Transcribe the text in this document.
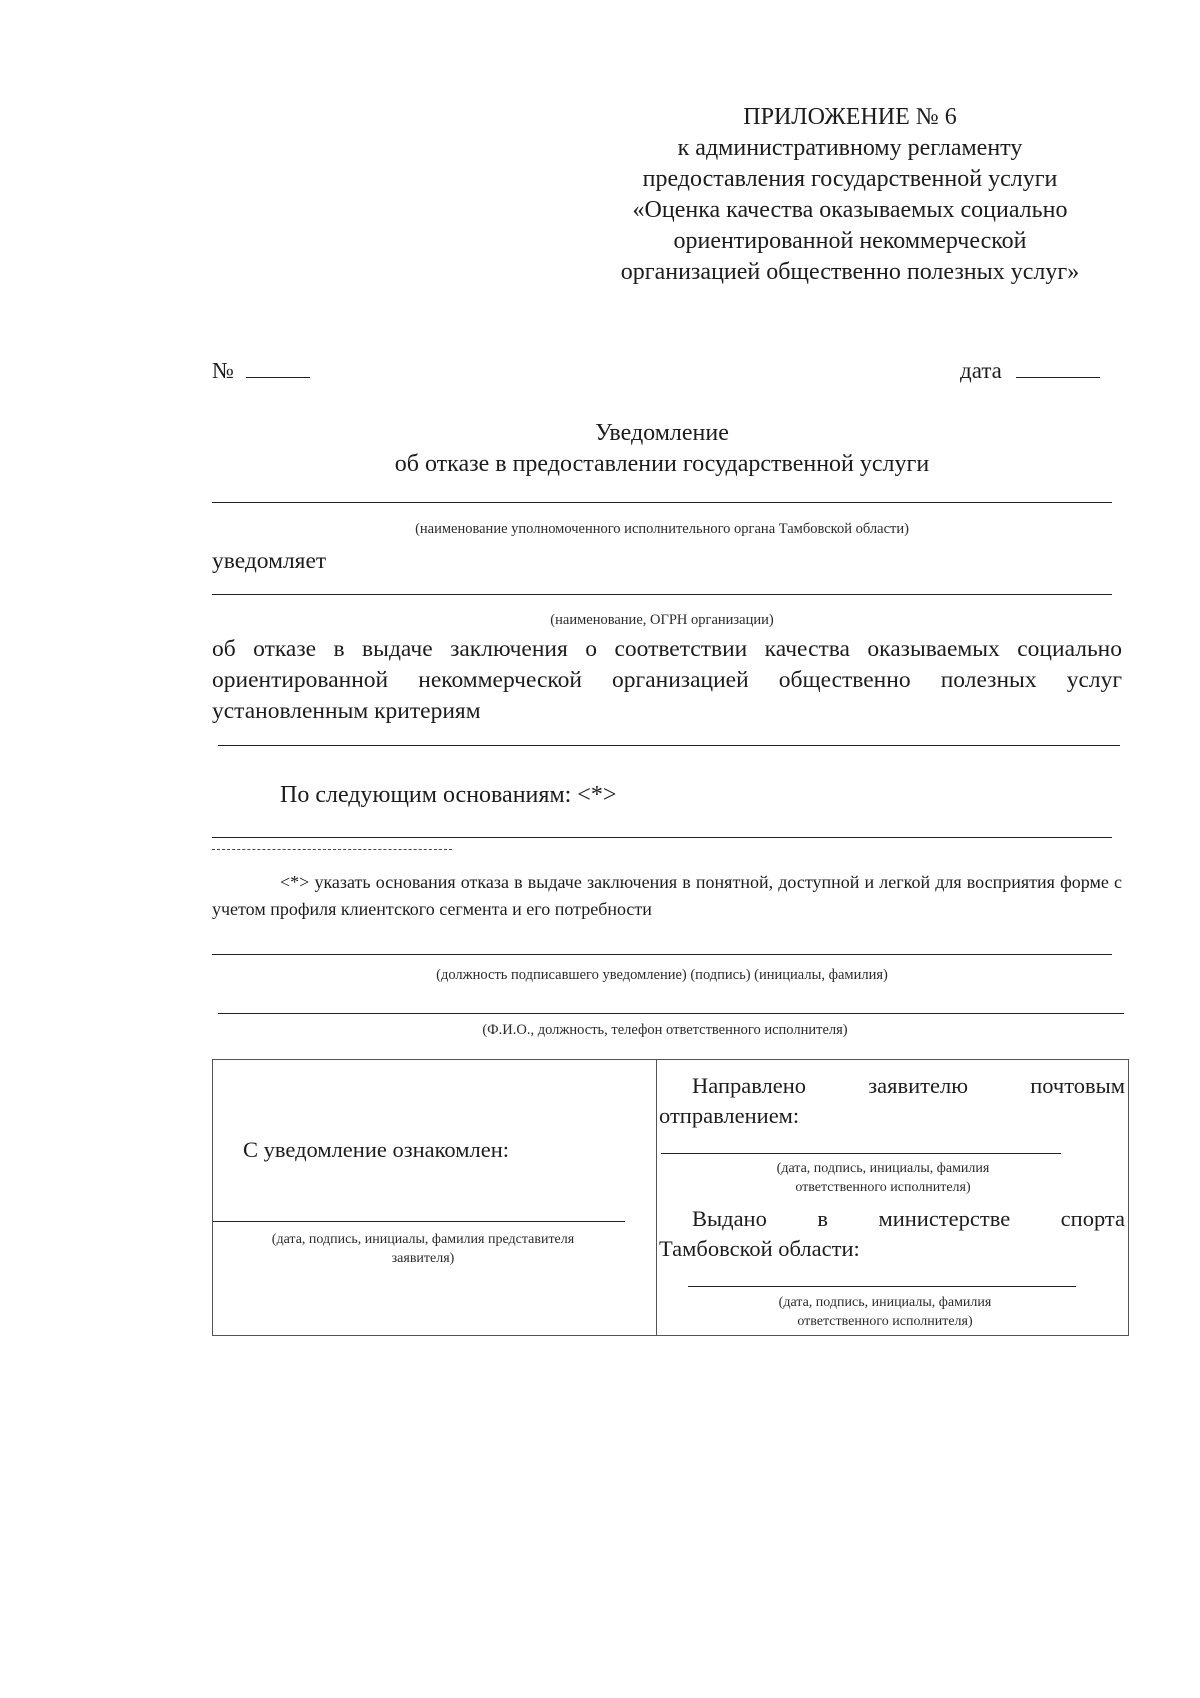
ПРИЛОЖЕНИЕ № 6
к административному регламенту
предоставления государственной услуги
«Оценка качества оказываемых социально
ориентированной некоммерческой
организацией общественно полезных услуг»
№	дата
Уведомление
об отказе в предоставлении государственной услуги
(наименование уполномоченного исполнительного органа Тамбовской области)
уведомляет
(наименование, ОГРН организации)
об отказе в выдаче заключения о соответствии качества оказываемых социально ориентированной некоммерческой организацией общественно полезных услуг установленным критериям
По следующим основаниям: <*>
<*> указать основания отказа в выдаче заключения в понятной, доступной и легкой для восприятия форме с учетом профиля клиентского сегмента и его потребности
(должность подписавшего уведомление) (подпись) (инициалы, фамилия)
(Ф.И.О., должность, телефон ответственного исполнителя)
С уведомление ознакомлен:
(дата, подпись, инициалы, фамилия представителя заявителя)
Направлено заявителю почтовым
отправлением:
(дата, подпись, инициалы, фамилия ответственного исполнителя)
Выдано в министерстве спорта
Тамбовской области:
(дата, подпись, инициалы, фамилия ответственного исполнителя)
